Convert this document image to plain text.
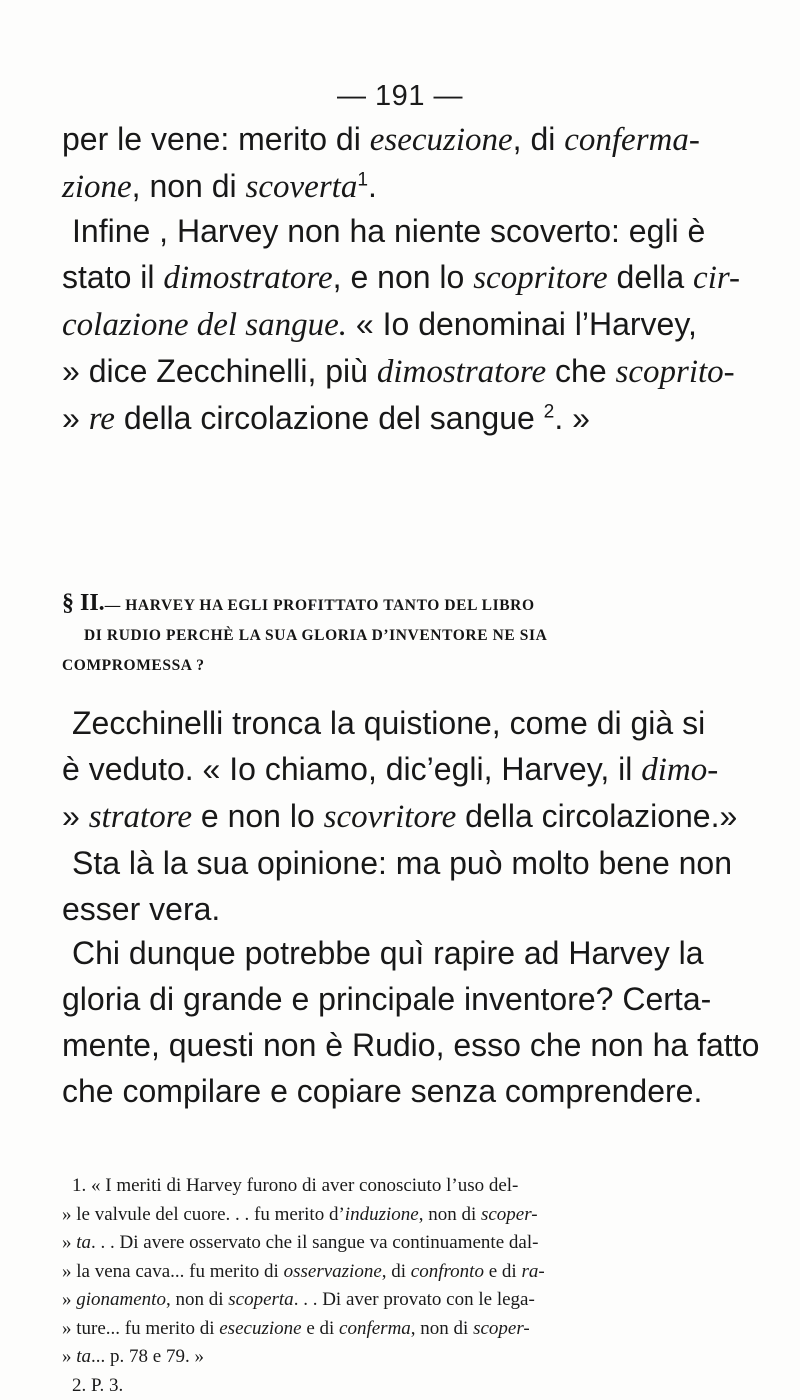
— 191 —
per le vene: merito di esecuzione, di conferma-
zione, non di scoverta$^1$.
Infine , Harvey non ha niente scoverto: egli è
stato il dimostratore, e non lo scopritore della cir-
colazione del sangue. « Io denominai l’Harvey,
» dice Zecchinelli, più dimostratore che scoprito-
» re della circolazione del sangue $^2$. »
§ II.— HARVEY HA EGLI PROFITTATO TANTO DEL LIBRO
DI RUDIO PERCHÈ LA SUA GLORIA D’INVENTORE NE SIA
COMPROMESSA ?
Zecchinelli tronca la quistione, come di già si
è veduto. « Io chiamo, dic’egli, Harvey, il dimo-
» stratore e non lo scovritore della circolazione.»
Sta là la sua opinione: ma può molto bene non
esser vera.
Chi dunque potrebbe quì rapire ad Harvey la
gloria di grande e principale inventore? Certa-
mente, questi non è Rudio, esso che non ha fatto
che compilare e copiare senza comprendere.
1. « I meriti di Harvey furono di aver conosciuto l’uso del-
» le valvule del cuore. . . fu merito d’induzione, non di scoper-
» ta. . . Di avere osservato che il sangue va continuamente dal-
» la vena cava... fu merito di osservazione, di confronto e di ra-
» gionamento, non di scoperta. . . Di aver provato con le lega-
» ture... fu merito di esecuzione e di conferma, non di scoper-
» ta... p. 78 e 79. »
2. P. 3.
